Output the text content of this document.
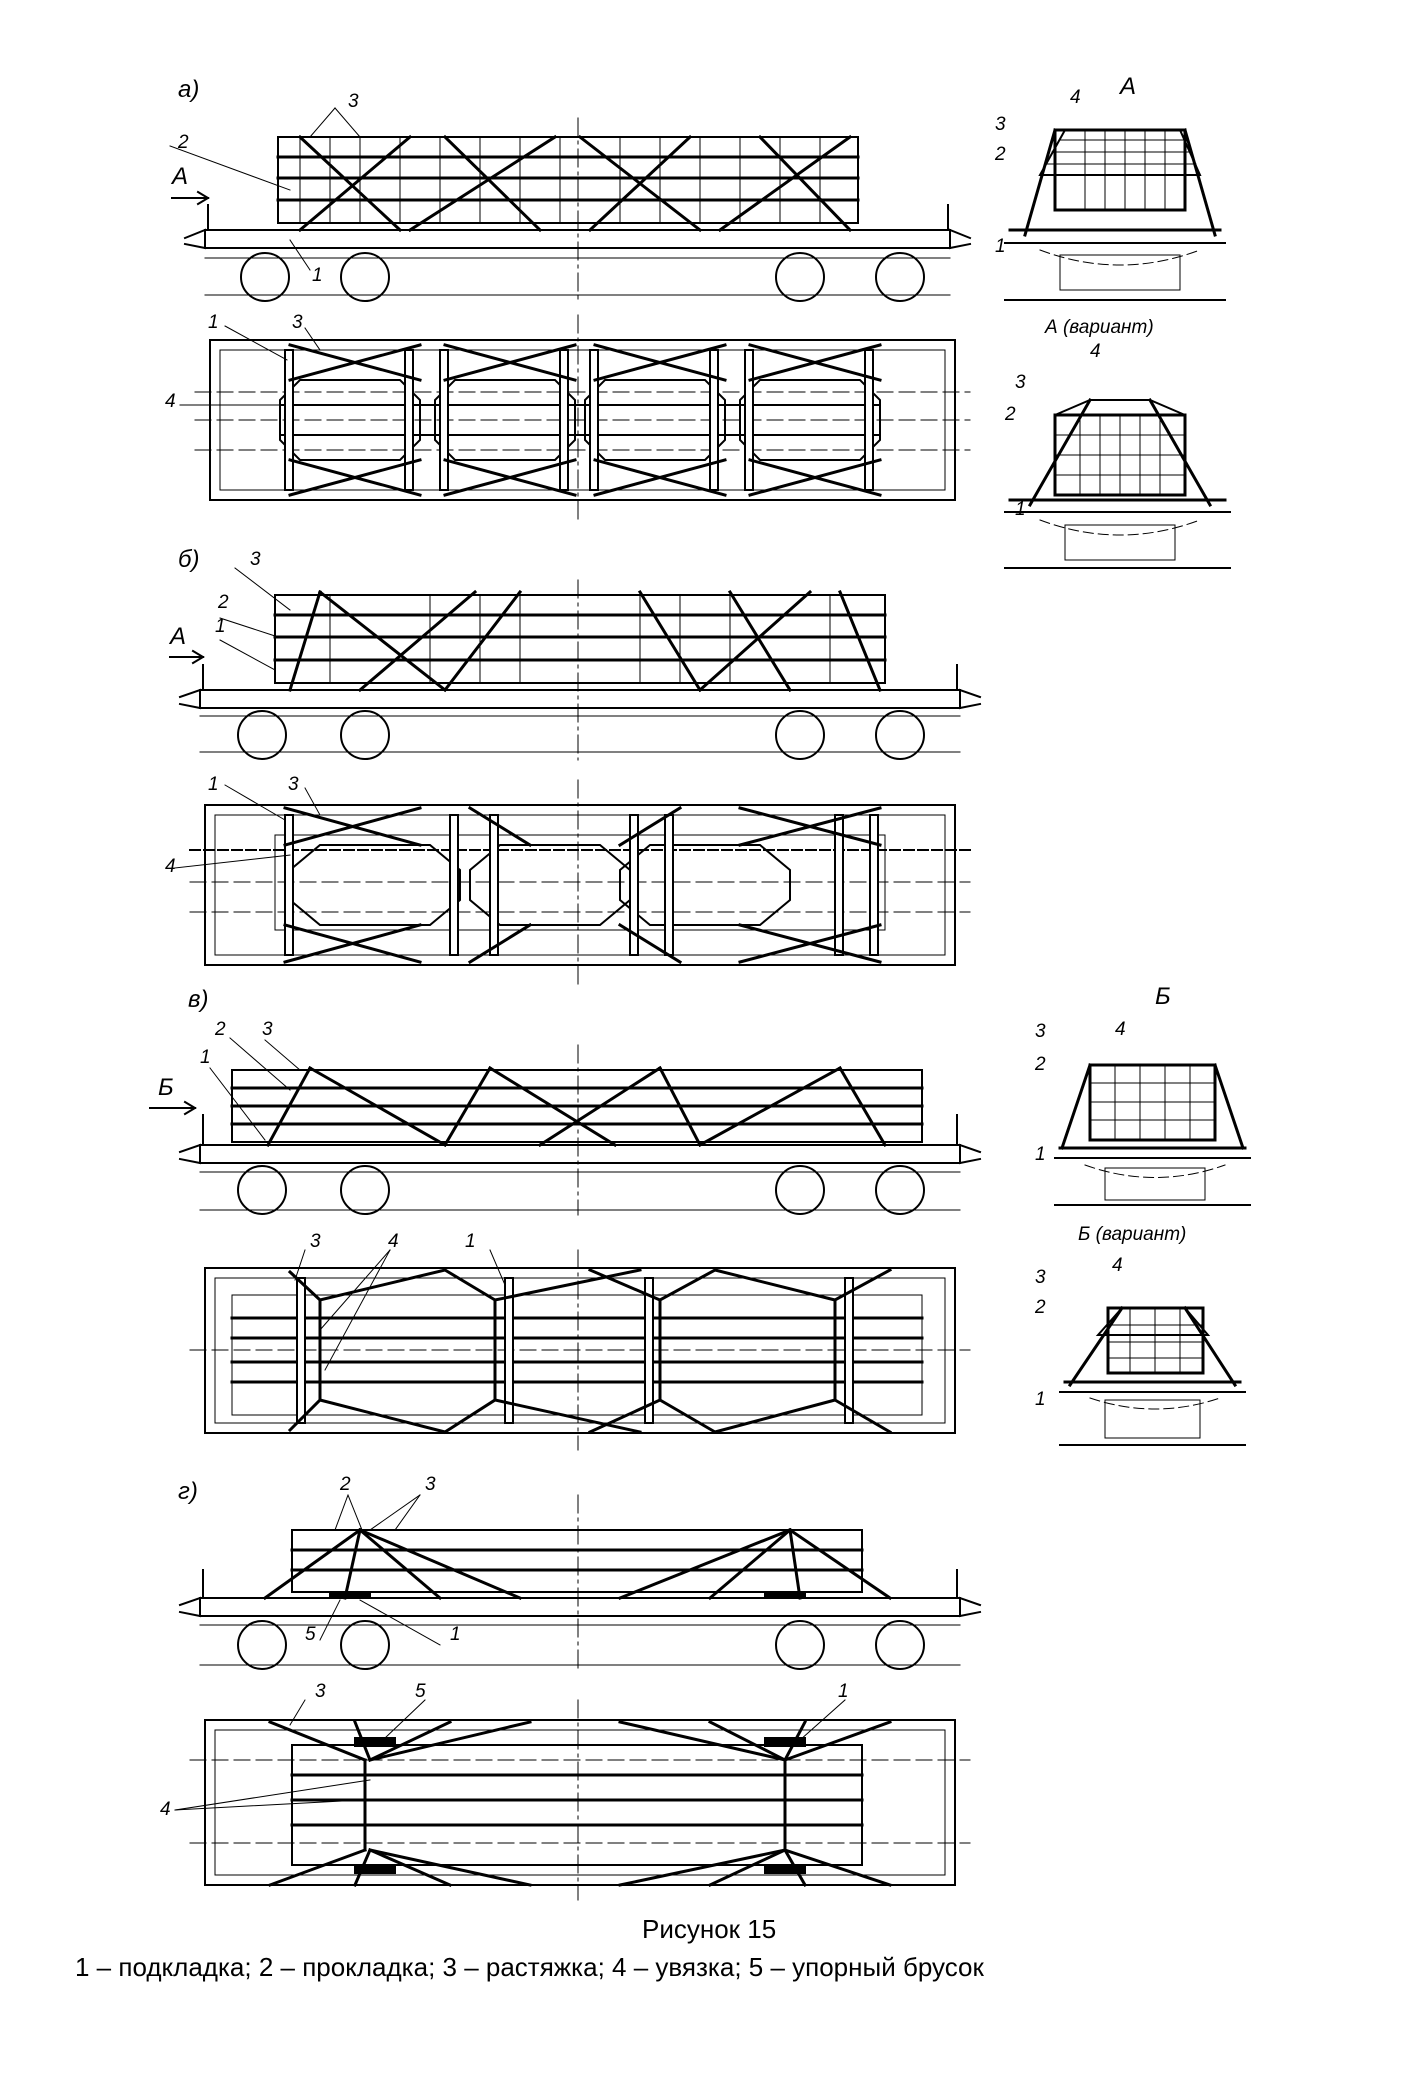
а)
б)
в)
г)
А
А (вариант)
Б
Б (вариант)
А
А
Б
3
2
1
1	3
4
4
3
2
1
4
3
2
1
3
2
1
1	3
4
2 3
1
3	4	1
4
3
2
1
4
3
2
1
2	3
5	1
3	5	1
4
Рисунок 15
1 – подкладка; 2 – прокладка; 3 – растяжка; 4 – увязка; 5 – упорный брусок
